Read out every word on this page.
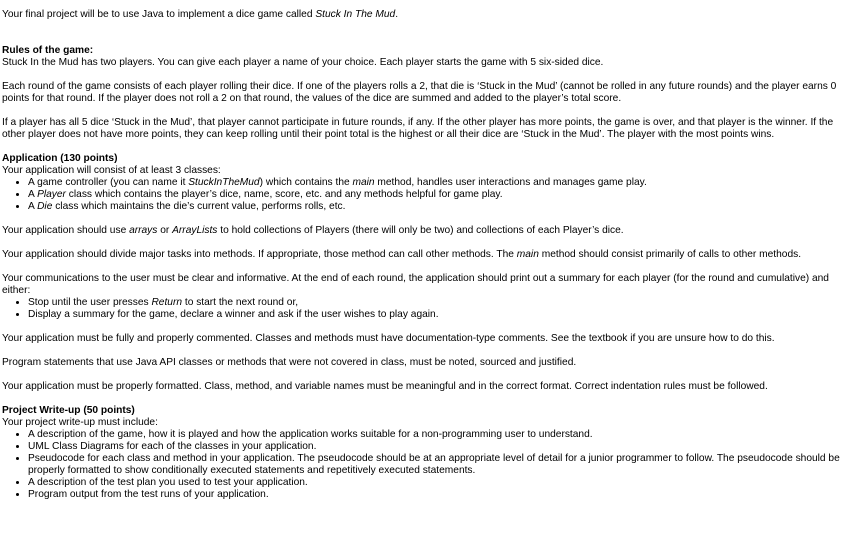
Your final project will be to use Java to implement a dice game called Stuck In The Mud.

Rules of the game:

Stuck In the Mud has two players. You can give each player a name of your choice. Each player starts the game with 5 six-sided dice.

Each round of the game consists of each player rolling their dice. If one of the players rolls a 2, that die is ‘Stuck in the Mud’ (cannot be rolled in any future rounds) and the player earns 0 points for that round. If the player does not roll a 2 on that round, the values of the dice are summed and added to the player’s total score.

If a player has all 5 dice ‘Stuck in the Mud’, that player cannot participate in future rounds, if any. If the other player has more points, the game is over, and that player is the winner. If the other player does not have more points, they can keep rolling until their point total is the highest or all their dice are ‘Stuck in the Mud’. The player with the most points wins.

Application (130 points)

Your application will consist of at least 3 classes:

• A game controller (you can name it StuckInTheMud) which contains the main method, handles user interactions and manages game play.
• A Player class which contains the player’s dice, name, score, etc. and any methods helpful for game play.
• A Die class which maintains the die’s current value, performs rolls, etc.

Your application should use arrays or ArrayLists to hold collections of Players (there will only be two) and collections of each Player’s dice.

Your application should divide major tasks into methods. If appropriate, those method can call other methods. The main method should consist primarily of calls to other methods.

Your communications to the user must be clear and informative. At the end of each round, the application should print out a summary for each player (for the round and cumulative) and either:

• Stop until the user presses Return to start the next round or,
• Display a summary for the game, declare a winner and ask if the user wishes to play again.

Your application must be fully and properly commented. Classes and methods must have documentation-type comments. See the textbook if you are unsure how to do this.

Program statements that use Java API classes or methods that were not covered in class, must be noted, sourced and justified.

Your application must be properly formatted. Class, method, and variable names must be meaningful and in the correct format. Correct indentation rules must be followed.

Project Write-up (50 points)

Your project write-up must include:

• A description of the game, how it is played and how the application works suitable for a non-programming user to understand.
• UML Class Diagrams for each of the classes in your application.
• Pseudocode for each class and method in your application. The pseudocode should be at an appropriate level of detail for a junior programmer to follow. The pseudocode should be properly formatted to show conditionally executed statements and repetitively executed statements.
• A description of the test plan you used to test your application.
• Program output from the test runs of your application.
